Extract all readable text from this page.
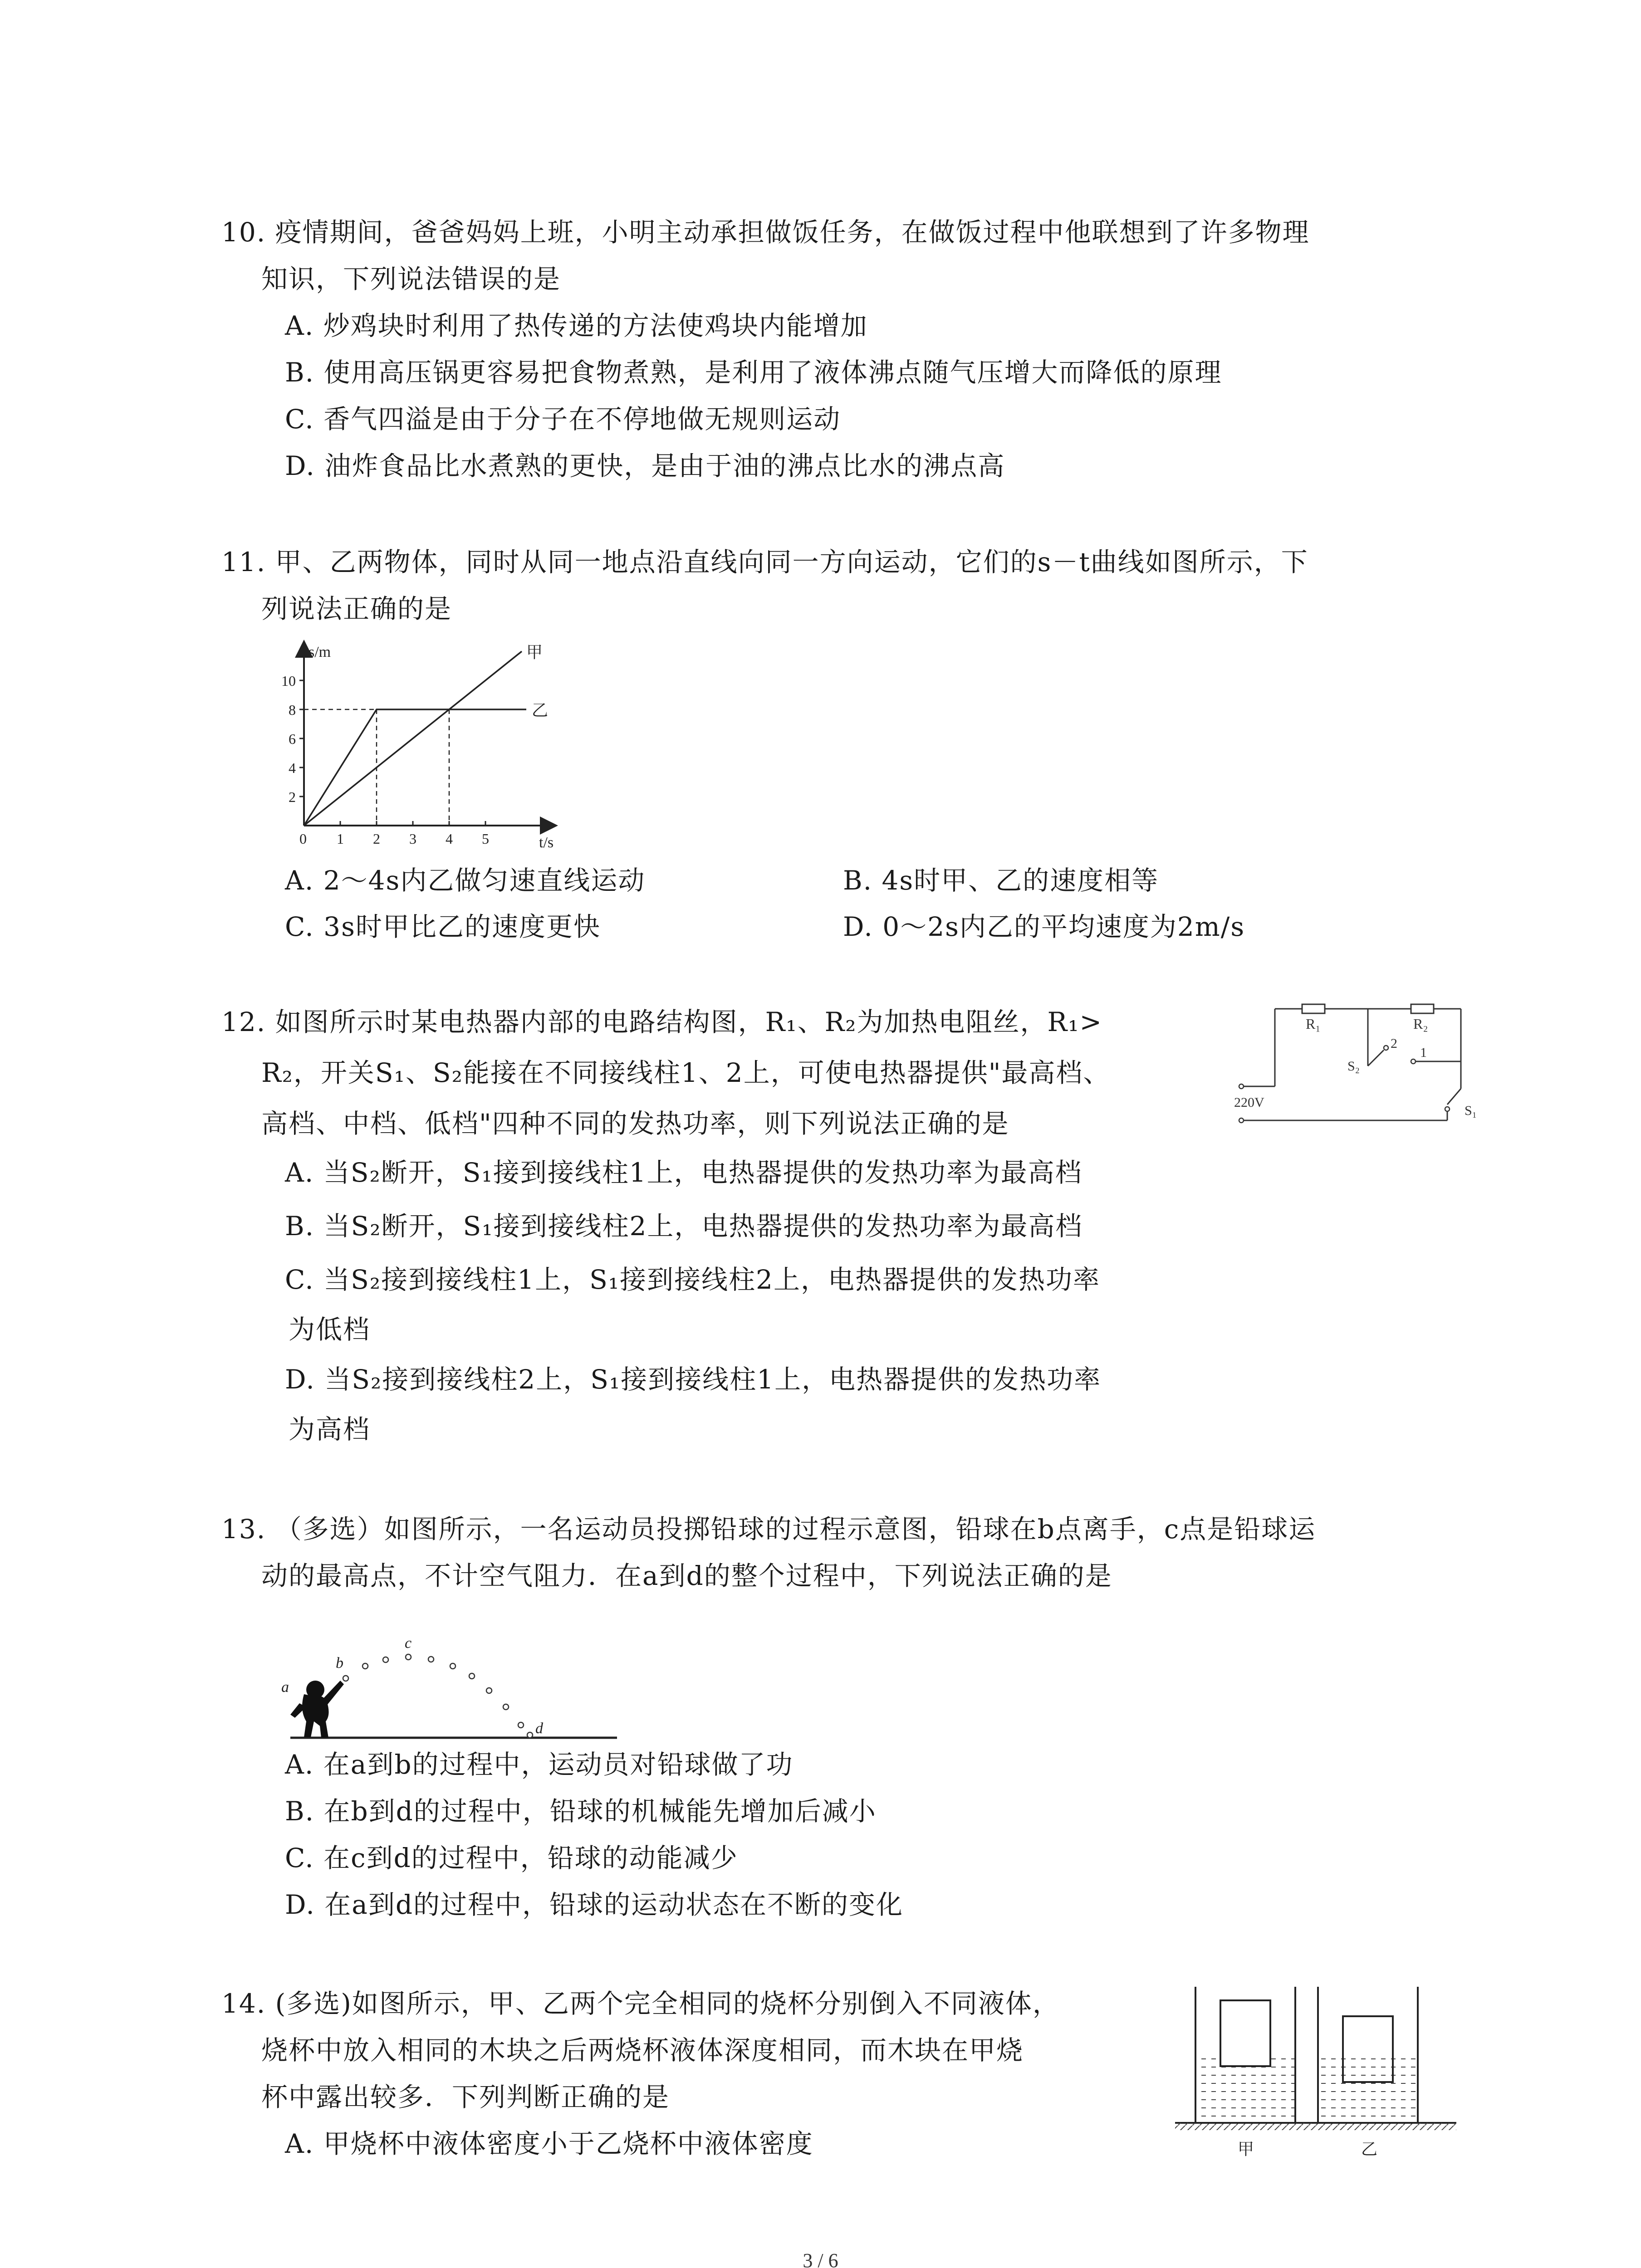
10. 疫情期间，爸爸妈妈上班，小明主动承担做饭任务，在做饭过程中他联想到了许多物理
知识，下列说法错误的是
A. 炒鸡块时利用了热传递的方法使鸡块内能增加
B. 使用高压锅更容易把食物煮熟，是利用了液体沸点随气压增大而降低的原理
C. 香气四溢是由于分子在不停地做无规则运动
D. 油炸食品比水煮熟的更快，是由于油的沸点比水的沸点高
11. 甲、乙两物体，同时从同一地点沿直线向同一方向运动，它们的s－t曲线如图所示，下
列说法正确的是
s/m
t/s
2
4
6
8
10
0 1 2 3 4 5
甲
乙
A. 2～4s内乙做匀速直线运动	B. 4s时甲、乙的速度相等
C. 3s时甲比乙的速度更快	D. 0～2s内乙的平均速度为2m/s
12. 如图所示时某电热器内部的电路结构图，R₁、R₂为加热电阻丝，R₁>
R₂，开关S₁、S₂能接在不同接线柱1、2上，可使电热器提供"最高档、
高档、中档、低档"四种不同的发热功率，则下列说法正确的是
A. 当S₂断开，S₁接到接线柱1上，电热器提供的发热功率为最高档
B. 当S₂断开，S₁接到接线柱2上，电热器提供的发热功率为最高档
C. 当S₂接到接线柱1上，S₁接到接线柱2上，电热器提供的发热功率
为低档
D. 当S₂接到接线柱2上，S₁接到接线柱1上，电热器提供的发热功率
为高档
R₁	R₂
S₂
2
1
S₁
220V
13. （多选）如图所示，一名运动员投掷铅球的过程示意图，铅球在b点离手，c点是铅球运
动的最高点，不计空气阻力．在a到d的整个过程中，下列说法正确的是
a
b
c
d
A. 在a到b的过程中，运动员对铅球做了功
B. 在b到d的过程中，铅球的机械能先增加后减小
C. 在c到d的过程中，铅球的动能减少
D. 在a到d的过程中，铅球的运动状态在不断的变化
14. (多选)如图所示，甲、乙两个完全相同的烧杯分别倒入不同液体，
烧杯中放入相同的木块之后两烧杯液体深度相同，而木块在甲烧
杯中露出较多．下列判断正确的是
A. 甲烧杯中液体密度小于乙烧杯中液体密度	甲	乙
3 / 6
